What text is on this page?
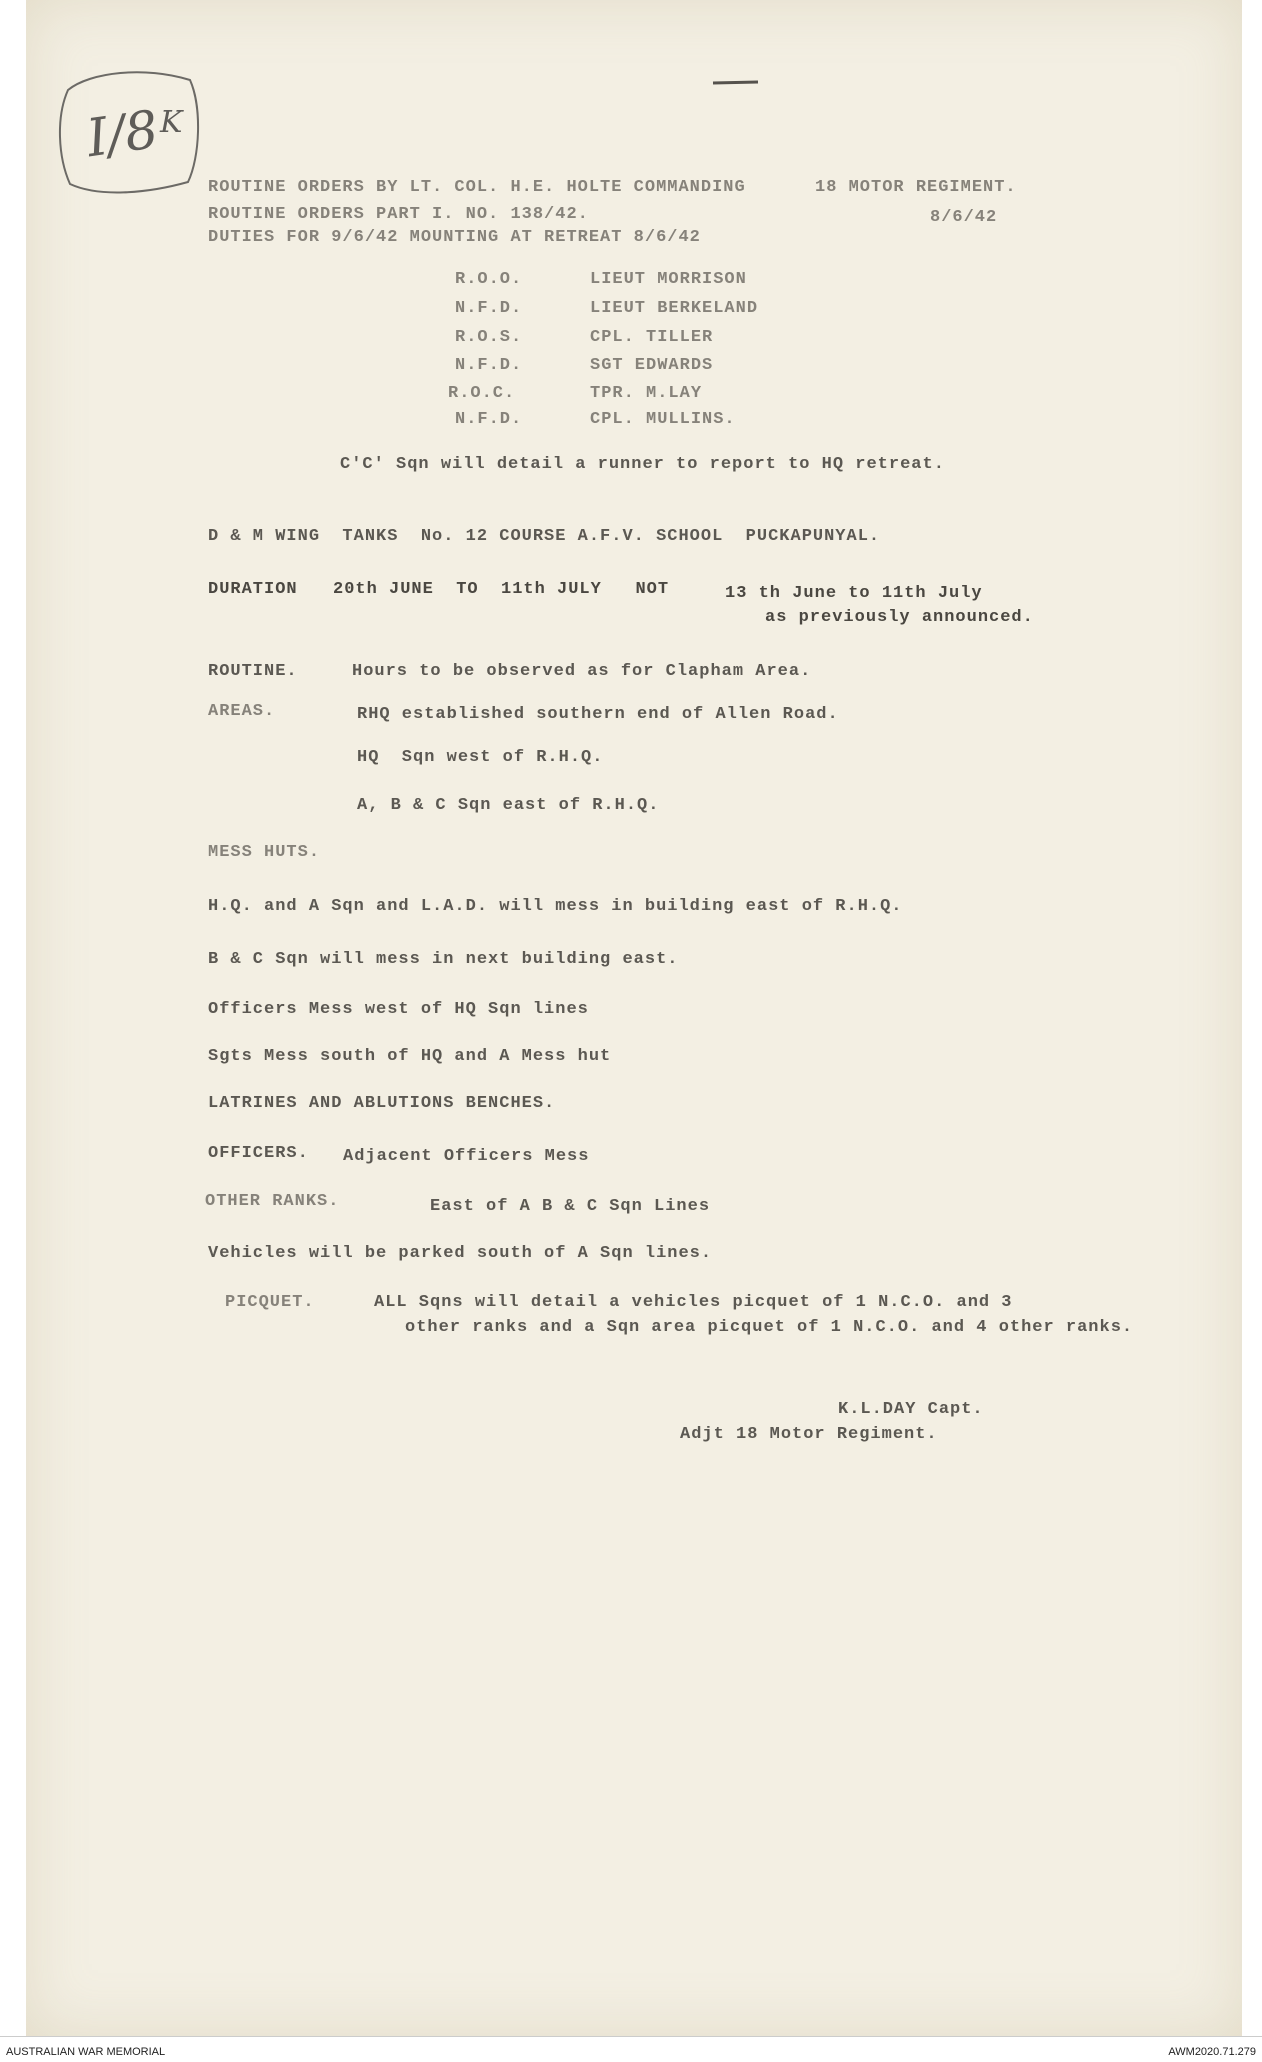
I/8
K
ROUTINE ORDERS BY LT. COL. H.E. HOLTE COMMANDING	18 MOTOR REGIMENT.
ROUTINE ORDERS PART I. NO. 138/42.	8/6/42
DUTIES FOR 9/6/42 MOUNTING AT RETREAT 8/6/42
R.O.O.	LIEUT MORRISON
N.F.D.	LIEUT BERKELAND
R.O.S.	CPL. TILLER
N.F.D.	SGT EDWARDS
R.O.C.	TPR. M.LAY
N.F.D.	CPL. MULLINS.
C'C' Sqn will detail a runner to report to HQ retreat.
D & M WING  TANKS  No. 12 COURSE A.F.V. SCHOOL  PUCKAPUNYAL.
DURATION 20th JUNE  TO  11th JULY   NOT	13 th June to 11th July
as previously announced.
ROUTINE.	Hours to be observed as for Clapham Area.
AREAS.	RHQ established southern end of Allen Road.
HQ  Sqn west of R.H.Q.
A, B & C Sqn east of R.H.Q.
MESS HUTS.
H.Q. and A Sqn and L.A.D. will mess in building east of R.H.Q.
B & C Sqn will mess in next building east.
Officers Mess west of HQ Sqn lines
Sgts Mess south of HQ and A Mess hut
LATRINES AND ABLUTIONS BENCHES.
OFFICERS. Adjacent Officers Mess
OTHER RANKS.	East of A B & C Sqn Lines
Vehicles will be parked south of A Sqn lines.
PICQUET.	ALL Sqns will detail a vehicles picquet of 1 N.C.O. and 3
other ranks and a Sqn area picquet of 1 N.C.O. and 4 other ranks.
K.L.DAY Capt.
Adjt 18 Motor Regiment.
AUSTRALIAN WAR MEMORIAL	AWM2020.71.279
